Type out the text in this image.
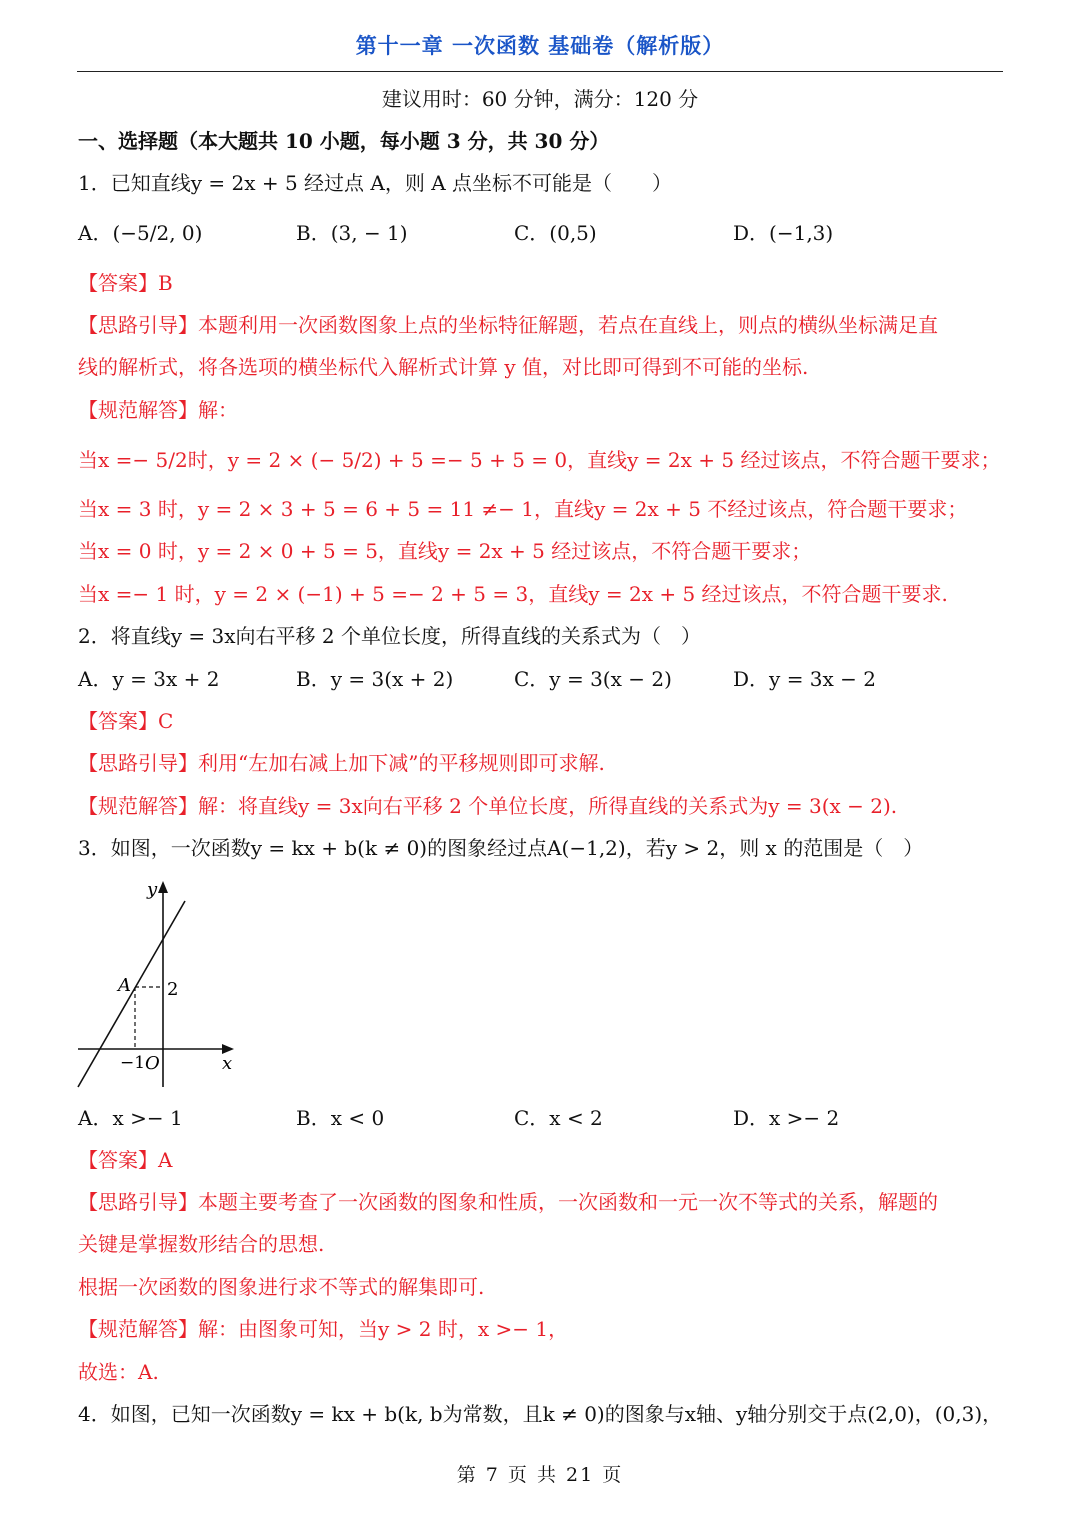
第十一章 一次函数 基础卷（解析版）
建议用时：60 分钟，满分：120 分
一、选择题（本大题共 10 小题，每小题 3 分，共 30 分）
1．已知直线y = 2x + 5 经过点 A，则 A 点坐标不可能是（　　）
A．(−5/2, 0)	B．(3, − 1)	C．(0,5)	D．(−1,3)
【答案】B
【思路引导】本题利用一次函数图象上点的坐标特征解题，若点在直线上，则点的横纵坐标满足直
线的解析式，将各选项的横坐标代入解析式计算 y 值，对比即可得到不可能的坐标.
【规范解答】解：
当x =− 5/2时，y = 2 × (− 5/2) + 5 =− 5 + 5 = 0，直线y = 2x + 5 经过该点，不符合题干要求；
当x = 3 时，y = 2 × 3 + 5 = 6 + 5 = 11 ≠− 1，直线y = 2x + 5 不经过该点，符合题干要求；
当x = 0 时，y = 2 × 0 + 5 = 5，直线y = 2x + 5 经过该点，不符合题干要求；
当x =− 1 时，y = 2 × (−1) + 5 =− 2 + 5 = 3，直线y = 2x + 5 经过该点，不符合题干要求.
2．将直线y = 3x向右平移 2 个单位长度，所得直线的关系式为（　）
A．y = 3x + 2	B．y = 3(x + 2)	C．y = 3(x − 2)	D．y = 3x − 2
【答案】C
【思路引导】利用“左加右减上加下减”的平移规则即可求解.
【规范解答】解：将直线y = 3x向右平移 2 个单位长度，所得直线的关系式为y = 3(x − 2).
3．如图，一次函数y = kx + b(k ≠ 0)的图象经过点A(−1,2)，若y > 2，则 x 的范围是（　）
y
x
A 2
−1 O
A．x >− 1	B．x < 0	C．x < 2	D．x >− 2
【答案】A
【思路引导】本题主要考查了一次函数的图象和性质，一次函数和一元一次不等式的关系，解题的
关键是掌握数形结合的思想.
根据一次函数的图象进行求不等式的解集即可.
【规范解答】解：由图象可知，当y > 2 时，x >− 1，
故选：A.
4．如图，已知一次函数y = kx + b(k, b为常数，且k ≠ 0)的图象与x轴、y轴分别交于点(2,0)，(0,3)，
第 7 页 共 21 页
